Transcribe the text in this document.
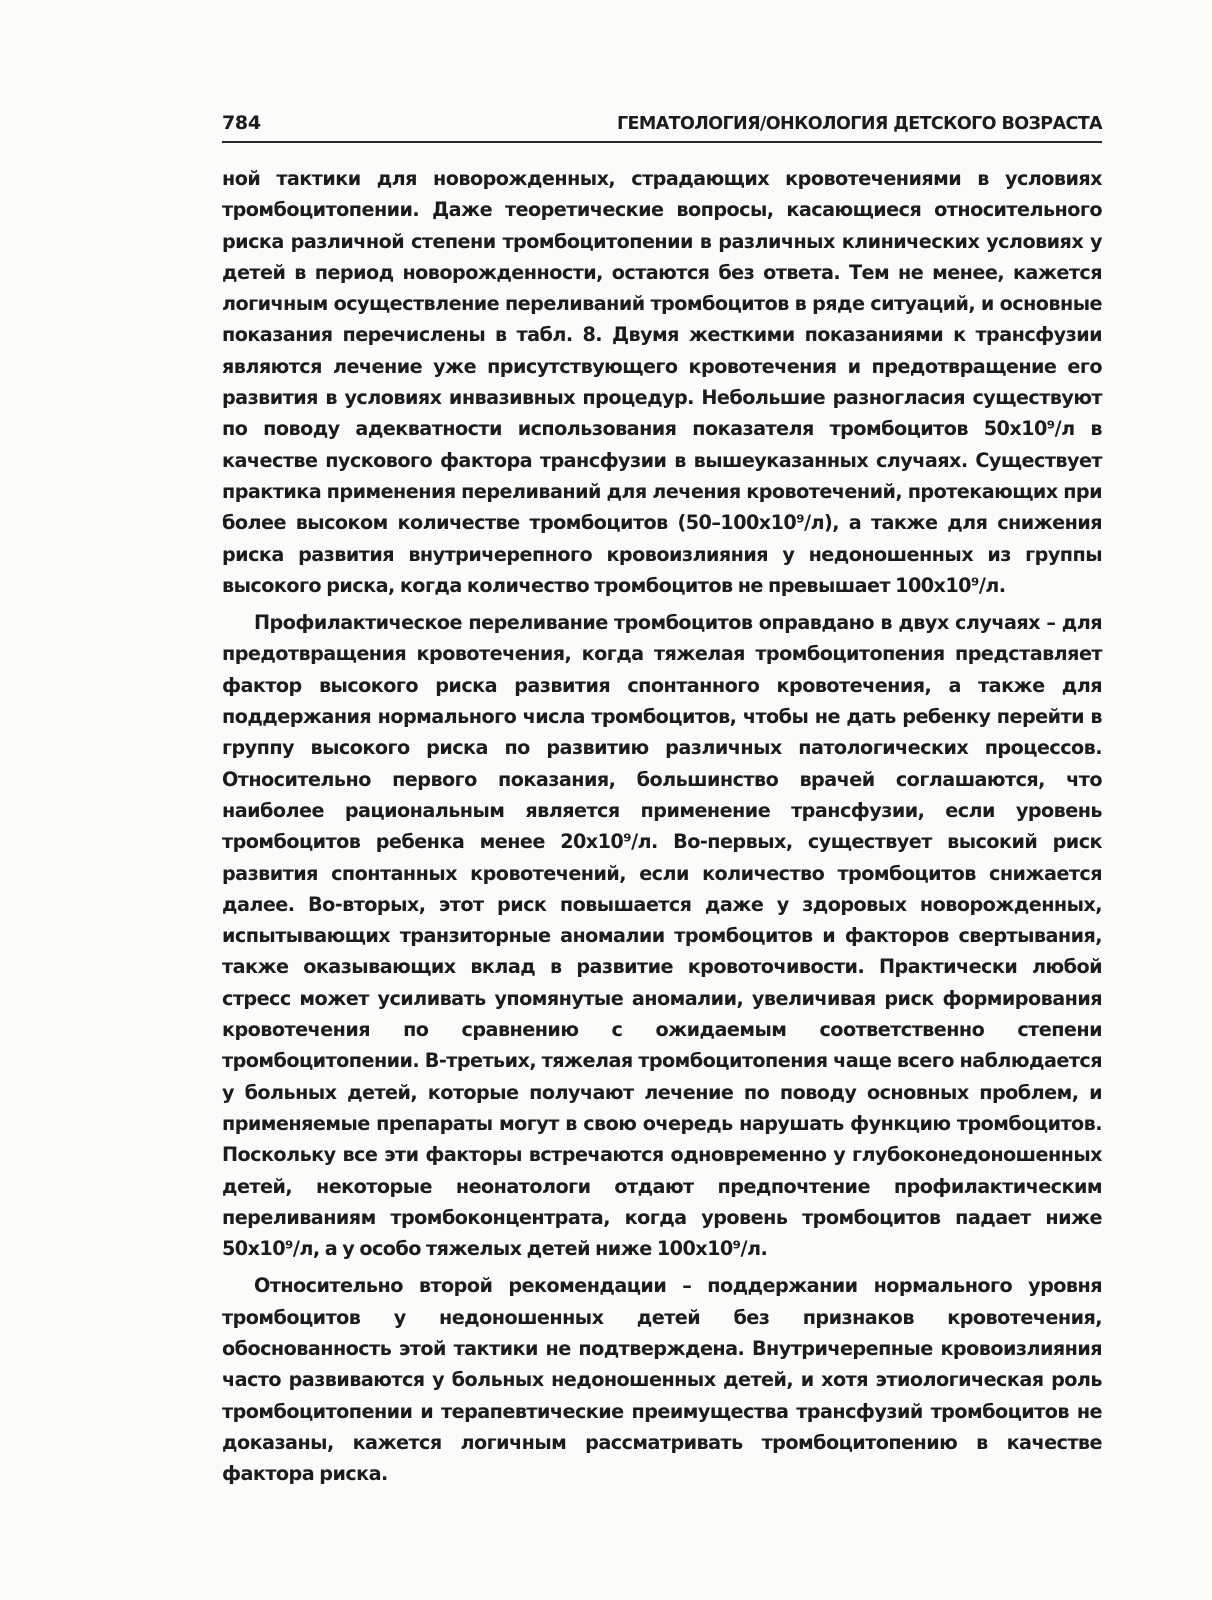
784	ГЕМАТОЛОГИЯ/ОНКОЛОГИЯ ДЕТСКОГО ВОЗРАСТА

ной тактики для новорожденных, страдающих кровотечениями в условиях тромбоцитопении. Даже теоретические вопросы, касающиеся относительного риска различной степени тромбоцитопении в различных клинических условиях у детей в период новорожденности, остаются без ответа. Тем не менее, кажется логичным осуществление переливаний тромбоцитов в ряде ситуаций, и основные показания перечислены в табл. 8. Двумя жесткими показаниями к трансфузии являются лечение уже присутствующего кровотечения и предотвращение его развития в условиях инвазивных процедур. Небольшие разногласия существуют по поводу адекватности использования показателя тромбоцитов 50x10⁹/л в качестве пускового фактора трансфузии в вышеуказанных случаях. Существует практика применения переливаний для лечения кровотечений, протекающих при более высоком количестве тромбоцитов (50–100x10⁹/л), а также для снижения риска развития внутричерепного кровоизлияния у недоношенных из группы высокого риска, когда количество тромбоцитов не превышает 100x10⁹/л.

Профилактическое переливание тромбоцитов оправдано в двух случаях – для предотвращения кровотечения, когда тяжелая тромбоцитопения представляет фактор высокого риска развития спонтанного кровотечения, а также для поддержания нормального числа тромбоцитов, чтобы не дать ребенку перейти в группу высокого риска по развитию различных патологических процессов. Относительно первого показания, большинство врачей соглашаются, что наиболее рациональным является применение трансфузии, если уровень тромбоцитов ребенка менее 20x10⁹/л. Во-первых, существует высокий риск развития спонтанных кровотечений, если количество тромбоцитов снижается далее. Во-вторых, этот риск повышается даже у здоровых новорожденных, испытывающих транзиторные аномалии тромбоцитов и факторов свертывания, также оказывающих вклад в развитие кровоточивости. Практически любой стресс может усиливать упомянутые аномалии, увеличивая риск формирования кровотечения по сравнению с ожидаемым соответственно степени тромбоцитопении. В-третьих, тяжелая тромбоцитопения чаще всего наблюдается у больных детей, которые получают лечение по поводу основных проблем, и применяемые препараты могут в свою очередь нарушать функцию тромбоцитов. Поскольку все эти факторы встречаются одновременно у глубоконедоношенных детей, некоторые неонатологи отдают предпочтение профилактическим переливаниям тромбоконцентрата, когда уровень тромбоцитов падает ниже 50x10⁹/л, а у особо тяжелых детей ниже 100x10⁹/л.

Относительно второй рекомендации – поддержании нормального уровня тромбоцитов у недоношенных детей без признаков кровотечения, обоснованность этой тактики не подтверждена. Внутричерепные кровоизлияния часто развиваются у больных недоношенных детей, и хотя этиологическая роль тромбоцитопении и терапевтические преимущества трансфузий тромбоцитов не доказаны, кажется логичным рассматривать тромбоцитопению в качестве фактора риска.
